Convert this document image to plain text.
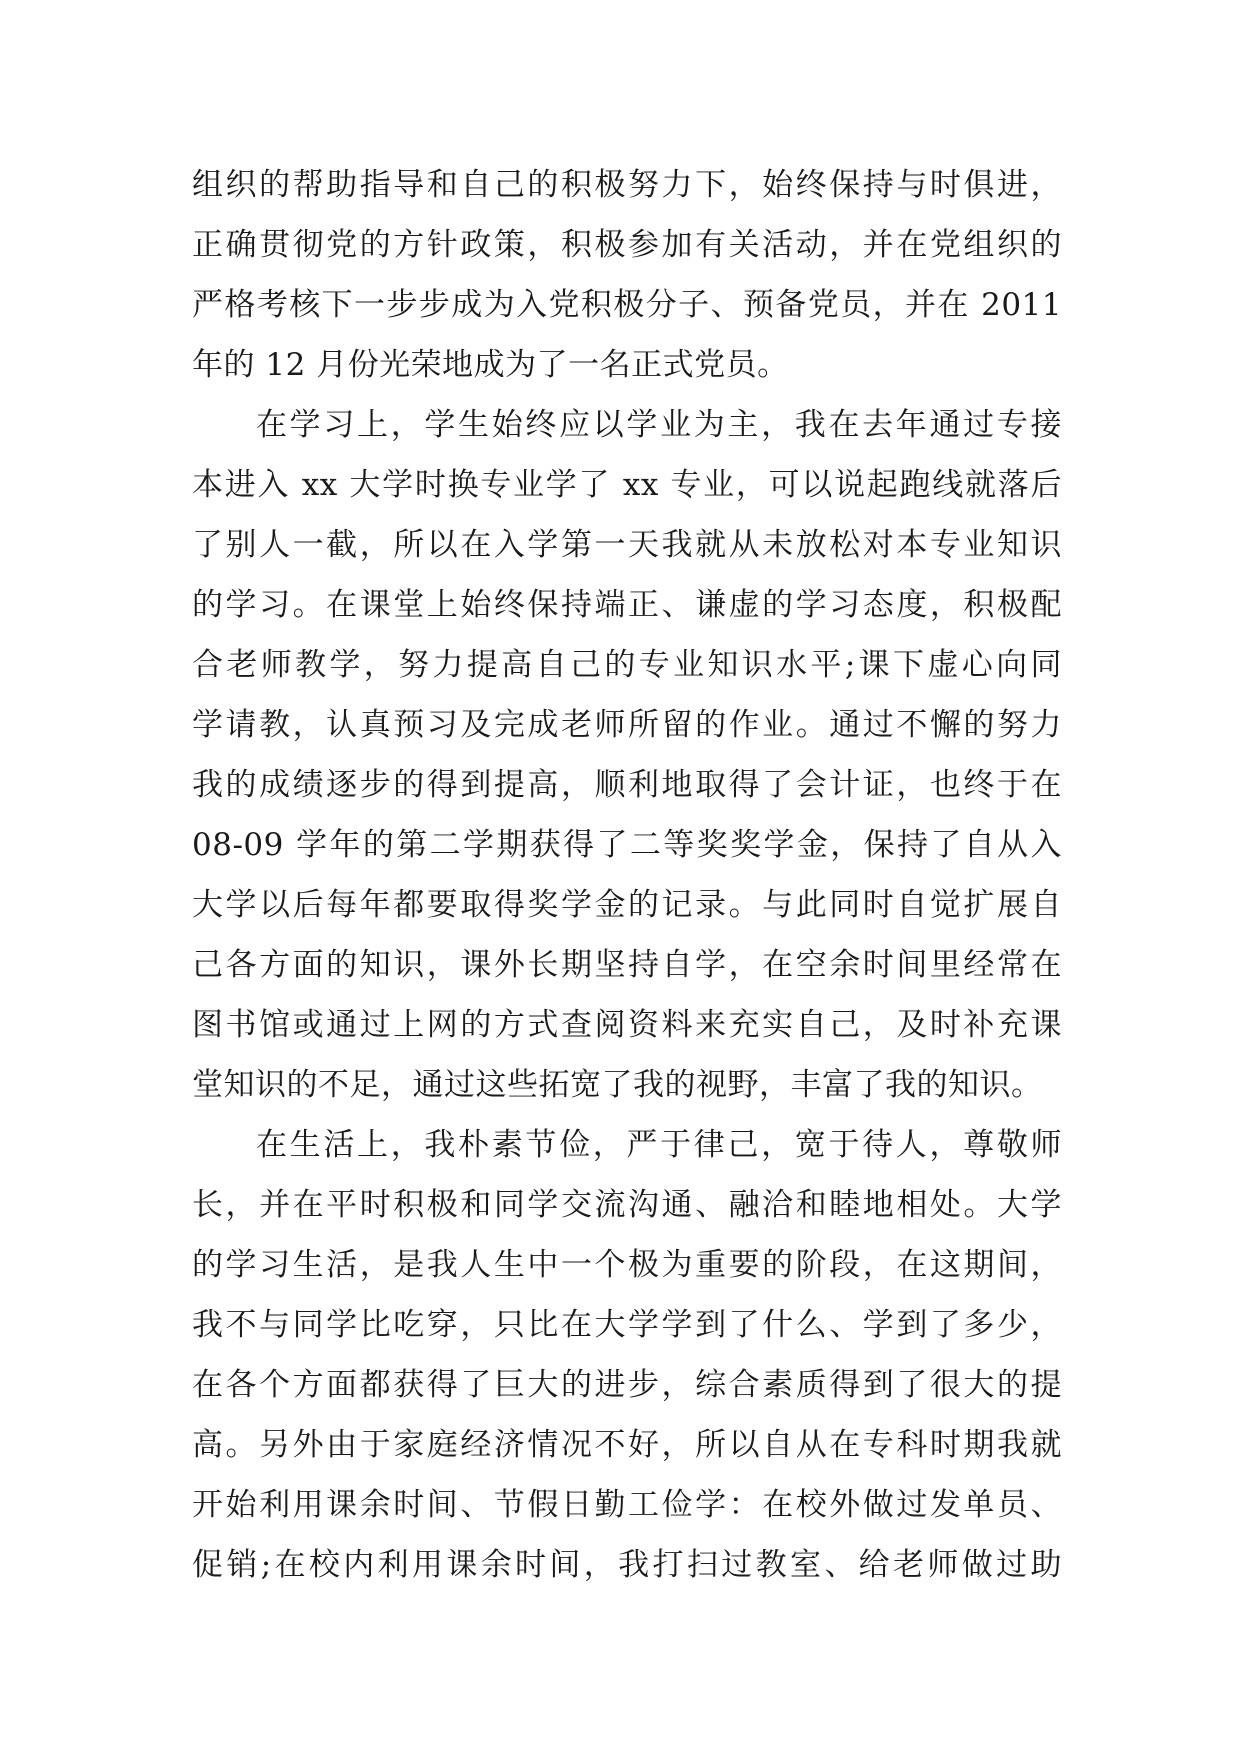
组织的帮助指导和自己的积极努力下，始终保持与时俱进，
正确贯彻党的方针政策，积极参加有关活动，并在党组织的
严格考核下一步步成为入党积极分子、预备党员，并在 2011
年的 12 月份光荣地成为了一名正式党员。
在学习上，学生始终应以学业为主，我在去年通过专接
本进入 xx 大学时换专业学了 xx 专业，可以说起跑线就落后
了别人一截，所以在入学第一天我就从未放松对本专业知识
的学习。在课堂上始终保持端正、谦虚的学习态度，积极配
合老师教学，努力提高自己的专业知识水平;课下虚心向同
学请教，认真预习及完成老师所留的作业。通过不懈的努力
我的成绩逐步的得到提高，顺利地取得了会计证，也终于在
08-09 学年的第二学期获得了二等奖奖学金，保持了自从入
大学以后每年都要取得奖学金的记录。与此同时自觉扩展自
己各方面的知识，课外长期坚持自学，在空余时间里经常在
图书馆或通过上网的方式查阅资料来充实自己，及时补充课
堂知识的不足，通过这些拓宽了我的视野，丰富了我的知识。
在生活上，我朴素节俭，严于律己，宽于待人，尊敬师
长，并在平时积极和同学交流沟通、融洽和睦地相处。大学
的学习生活，是我人生中一个极为重要的阶段，在这期间，
我不与同学比吃穿，只比在大学学到了什么、学到了多少，
在各个方面都获得了巨大的进步，综合素质得到了很大的提
高。另外由于家庭经济情况不好，所以自从在专科时期我就
开始利用课余时间、节假日勤工俭学：在校外做过发单员、
促销;在校内利用课余时间，我打扫过教室、给老师做过助
